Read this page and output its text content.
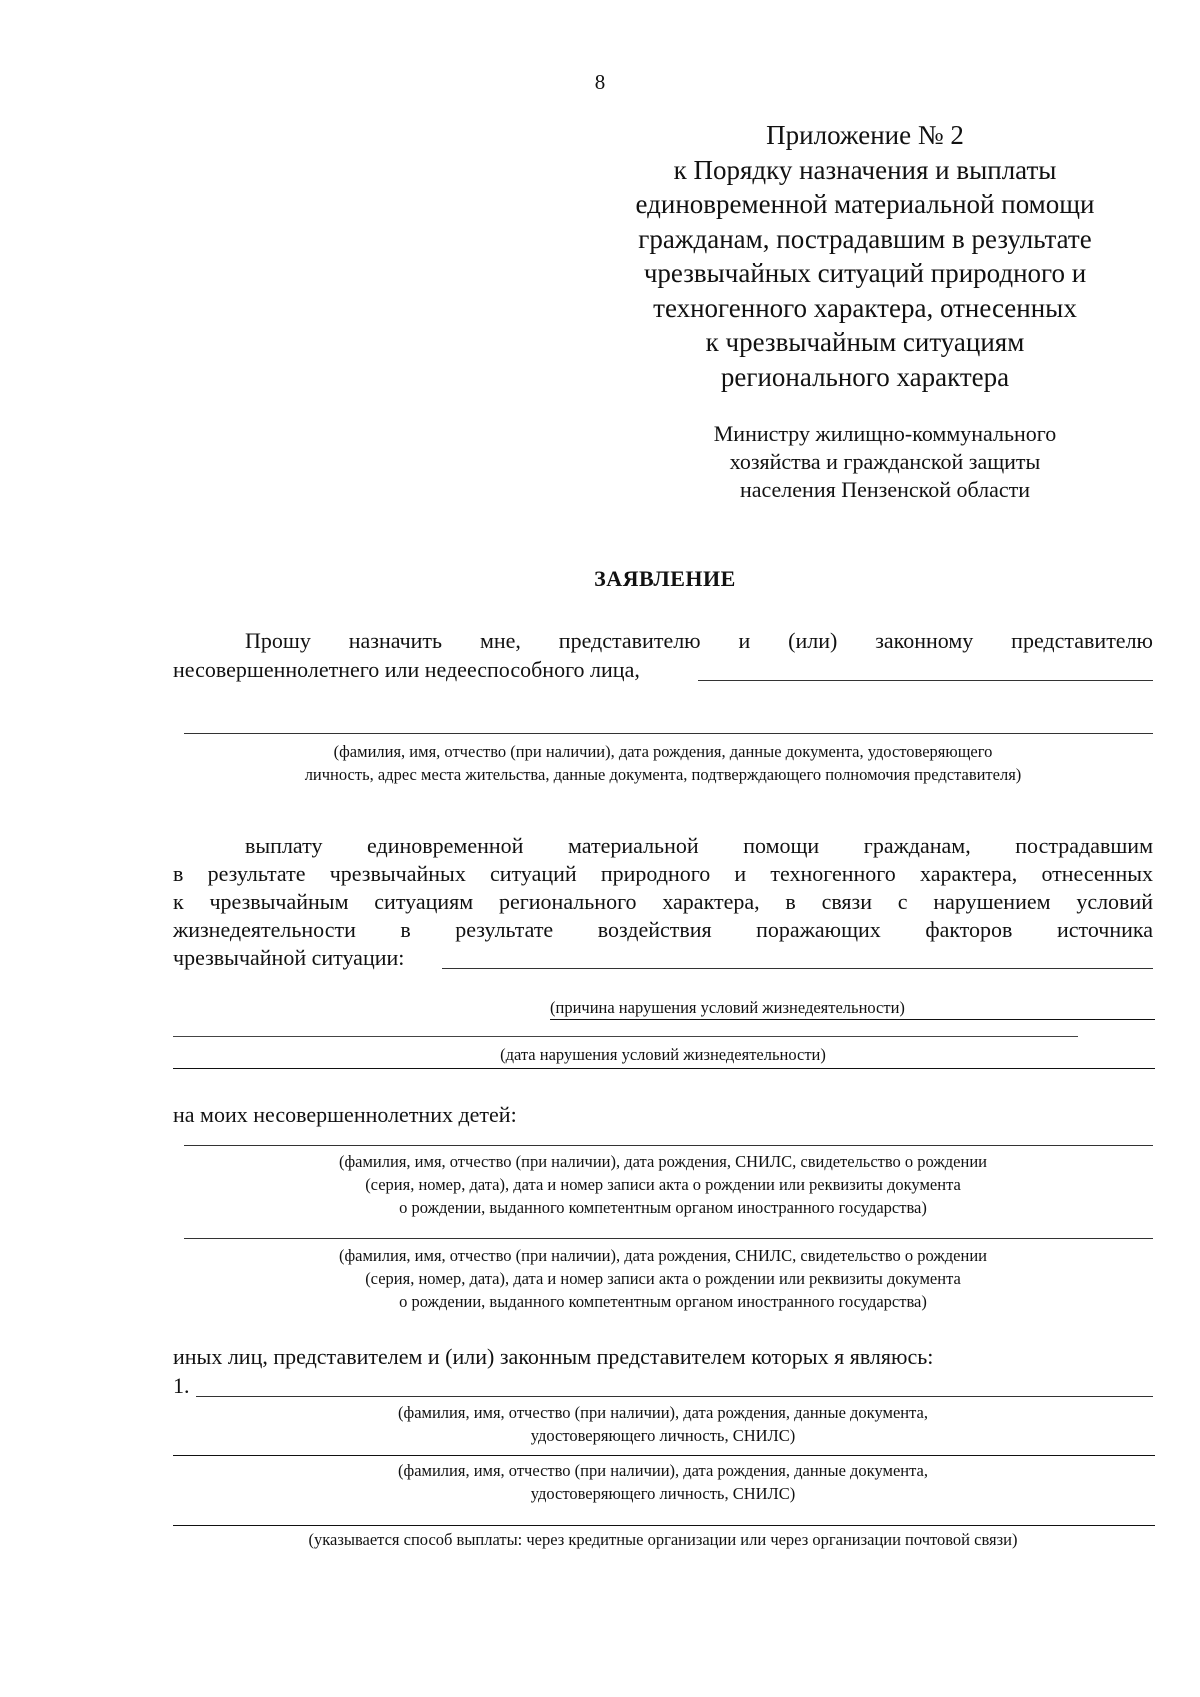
8
Приложение № 2
к Порядку назначения и выплаты
единовременной материальной помощи
гражданам, пострадавшим в результате
чрезвычайных ситуаций природного и
техногенного характера, отнесенных
к чрезвычайным ситуациям
регионального характера
Министру жилищно-коммунального
хозяйства и гражданской защиты
населения Пензенской области
ЗАЯВЛЕНИЕ
Прошу назначить мне, представителю и (или) законному представителю
несовершеннолетнего или недееспособного лица,
(фамилия, имя, отчество (при наличии), дата рождения, данные документа, удостоверяющего
личность, адрес места жительства, данные документа, подтверждающего полномочия представителя)
выплату единовременной материальной помощи гражданам, пострадавшим
в результате чрезвычайных ситуаций природного и техногенного характера, отнесенных
к чрезвычайным ситуациям регионального характера, в связи с нарушением условий
жизнедеятельности в результате воздействия поражающих факторов источника
чрезвычайной ситуации:
(причина нарушения условий жизнедеятельности)
(дата нарушения условий жизнедеятельности)
на моих несовершеннолетних детей:
(фамилия, имя, отчество (при наличии), дата рождения, СНИЛС, свидетельство о рождении
(серия, номер, дата), дата и номер записи акта о рождении или реквизиты документа
о рождении, выданного компетентным органом иностранного государства)
(фамилия, имя, отчество (при наличии), дата рождения, СНИЛС, свидетельство о рождении
(серия, номер, дата), дата и номер записи акта о рождении или реквизиты документа
о рождении, выданного компетентным органом иностранного государства)
иных лиц, представителем и (или) законным представителем которых я являюсь:
1.
(фамилия, имя, отчество (при наличии), дата рождения, данные документа,
удостоверяющего личность, СНИЛС)
(фамилия, имя, отчество (при наличии), дата рождения, данные документа,
удостоверяющего личность, СНИЛС)
(указывается способ выплаты: через кредитные организации или через организации почтовой связи)
